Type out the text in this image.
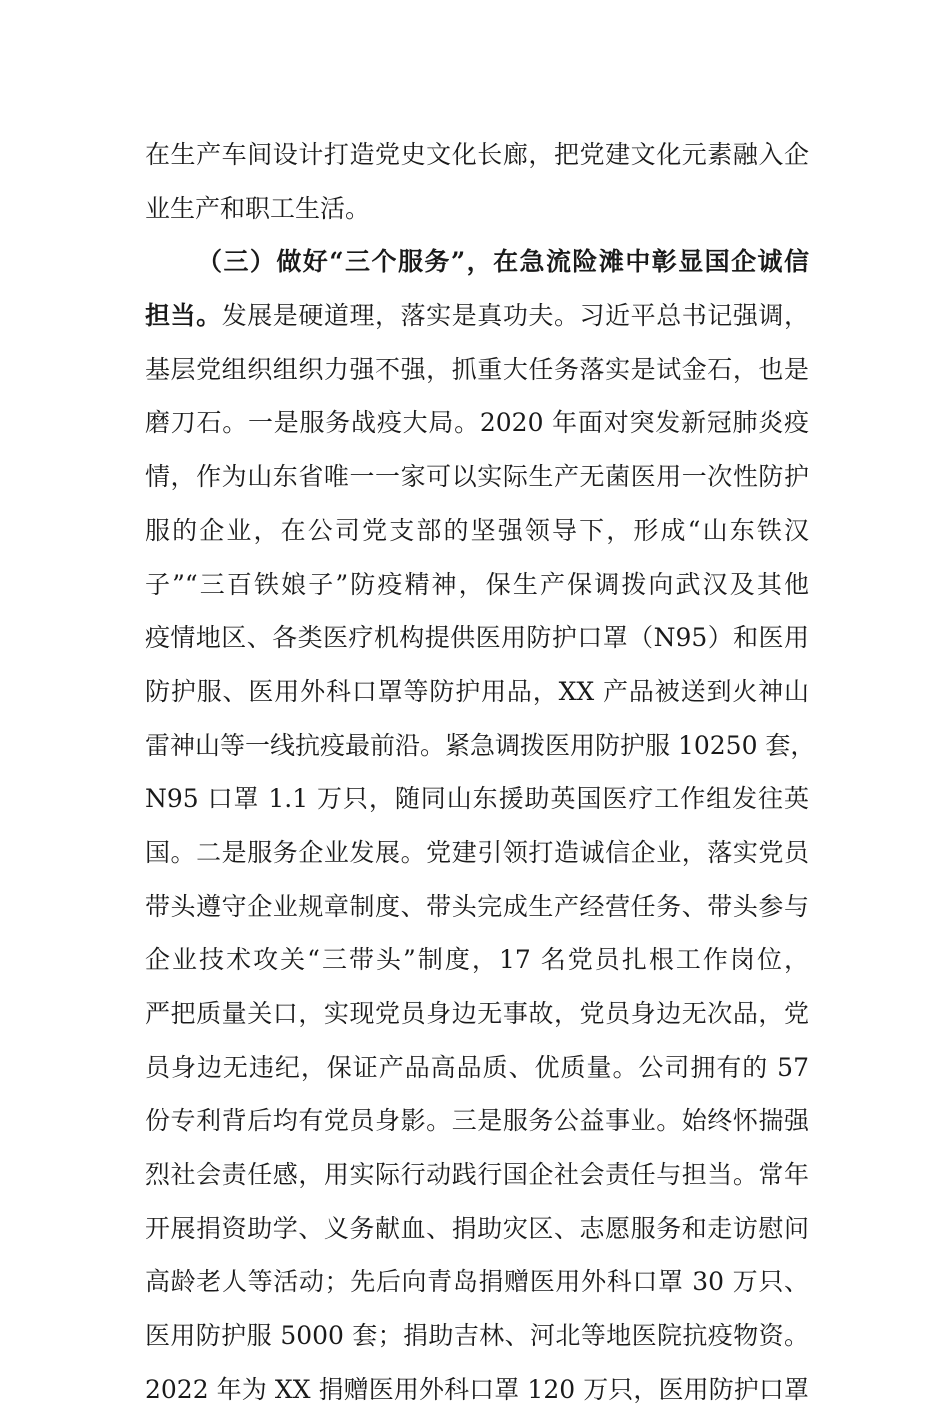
在生产车间设计打造党史文化长廊，把党建文化元素融入企
业生产和职工生活。
（三）做好“三个服务”，在急流险滩中彰显国企诚信
担当。发展是硬道理，落实是真功夫。习近平总书记强调，
基层党组织组织力强不强，抓重大任务落实是试金石，也是
磨刀石。一是服务战疫大局。2020 年面对突发新冠肺炎疫
情，作为山东省唯一一家可以实际生产无菌医用一次性防护
服的企业，在公司党支部的坚强领导下，形成“山东铁汉
子”“三百铁娘子”防疫精神，保生产保调拨向武汉及其他
疫情地区、各类医疗机构提供医用防护口罩（N95）和医用
防护服、医用外科口罩等防护用品，XX 产品被送到火神山
雷神山等一线抗疫最前沿。紧急调拨医用防护服 10250 套，
N95 口罩 1.1 万只，随同山东援助英国医疗工作组发往英
国。二是服务企业发展。党建引领打造诚信企业，落实党员
带头遵守企业规章制度、带头完成生产经营任务、带头参与
企业技术攻关“三带头”制度，17 名党员扎根工作岗位，
严把质量关口，实现党员身边无事故，党员身边无次品，党
员身边无违纪，保证产品高品质、优质量。公司拥有的 57
份专利背后均有党员身影。三是服务公益事业。始终怀揣强
烈社会责任感，用实际行动践行国企社会责任与担当。常年
开展捐资助学、义务献血、捐助灾区、志愿服务和走访慰问
高龄老人等活动；先后向青岛捐赠医用外科口罩 30 万只、
医用防护服 5000 套；捐助吉林、河北等地医院抗疫物资。
2022 年为 XX 捐赠医用外科口罩 120 万只，医用防护口罩
